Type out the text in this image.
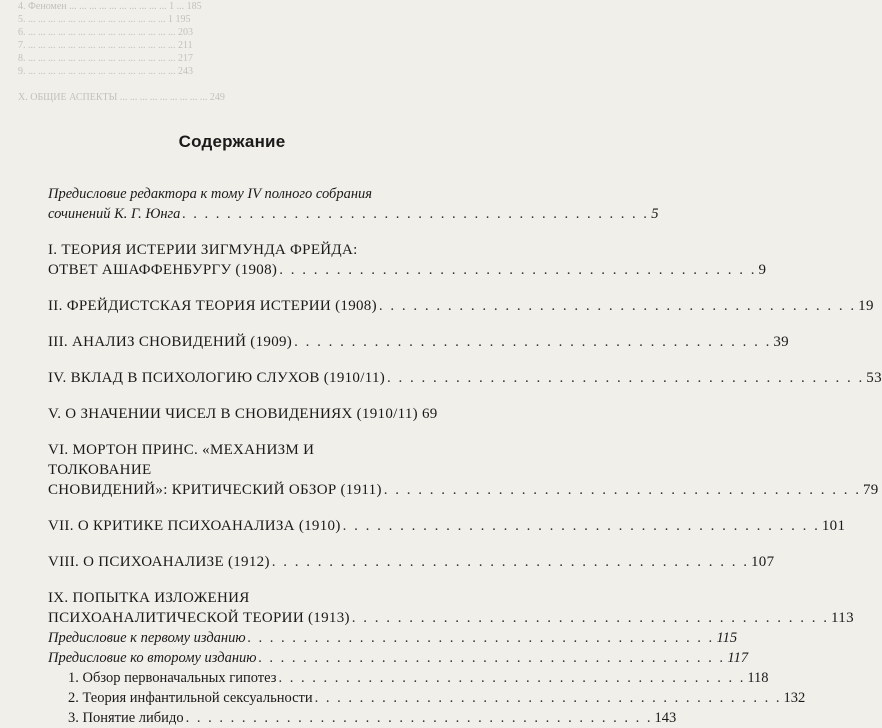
4. Феномен ... ... ... ... ... ... ... ... ... ... 1 ... 185
5. ... ... ... ... ... ... ... ... ... ... ... ... ... ... 1 195
6. ... ... ... ... ... ... ... ... ... ... ... ... ... ... ... 203
7. ... ... ... ... ... ... ... ... ... ... ... ... ... ... ... 211
8. ... ... ... ... ... ... ... ... ... ... ... ... ... ... ... 217
9. ... ... ... ... ... ... ... ... ... ... ... ... ... ... ... 243

X. ОБЩИЕ АСПЕКТЫ ... ... ... ... ... ... ... ... ... 249
Содержание
Предисловие редактора к тому IV полного собрания
сочинений К. Г. Юнга . . . . . . . . . . . . . . . . . . . . . . . . . . . . . . . . . . . . . . . . . . 5
I. ТЕОРИЯ ИСТЕРИИ ЗИГМУНДА ФРЕЙДА:
ОТВЕТ АШАФФЕНБУРГУ (1908) . . . . . . . . . . . . . . . . . . . . . . . . . . . . . . . . . . . . . . . . . . 9
II. ФРЕЙДИСТСКАЯ ТЕОРИЯ ИСТЕРИИ (1908) . . . . . . . . . . . . . . . . . . . . . . . . . . . . . . . . . . . . . . . . . . 19
III. АНАЛИЗ СНОВИДЕНИЙ (1909) . . . . . . . . . . . . . . . . . . . . . . . . . . . . . . . . . . . . . . . . . . 39
IV. ВКЛАД В ПСИХОЛОГИЮ СЛУХОВ (1910/11) . . . . . . . . . . . . . . . . . . . . . . . . . . . . . . . . . . . . . . . . . . 53
V. О ЗНАЧЕНИИ ЧИСЕЛ В СНОВИДЕНИЯХ (1910/11) 69
VI. МОРТОН ПРИНС. «МЕХАНИЗМ И ТОЛКОВАНИЕ
СНОВИДЕНИЙ»: КРИТИЧЕСКИЙ ОБЗОР (1911) . . . . . . . . . . . . . . . . . . . . . . . . . . . . . . . . . . . . . . . . . . 79
VII. О КРИТИКЕ ПСИХОАНАЛИЗА (1910) . . . . . . . . . . . . . . . . . . . . . . . . . . . . . . . . . . . . . . . . . . 101
VIII. О ПСИХОАНАЛИЗЕ (1912) . . . . . . . . . . . . . . . . . . . . . . . . . . . . . . . . . . . . . . . . . . 107
IX. ПОПЫТКА ИЗЛОЖЕНИЯ
ПСИХОАНАЛИТИЧЕСКОЙ ТЕОРИИ (1913) . . . . . . . . . . . . . . . . . . . . . . . . . . . . . . . . . . . . . . . . . . 113
Предисловие к первому изданию . . . . . . . . . . . . . . . . . . . . . . . . . . . . . . . . . . . . . . . . . . 115
Предисловие ко второму изданию . . . . . . . . . . . . . . . . . . . . . . . . . . . . . . . . . . . . . . . . . . 117
1. Обзор первоначальных гипотез . . . . . . . . . . . . . . . . . . . . . . . . . . . . . . . . . . . . . . . . . . 118
2. Теория инфантильной сексуальности . . . . . . . . . . . . . . . . . . . . . . . . . . . . . . . . . . . . . . . . . . 132
3. Понятие либидо . . . . . . . . . . . . . . . . . . . . . . . . . . . . . . . . . . . . . . . . . . 143
